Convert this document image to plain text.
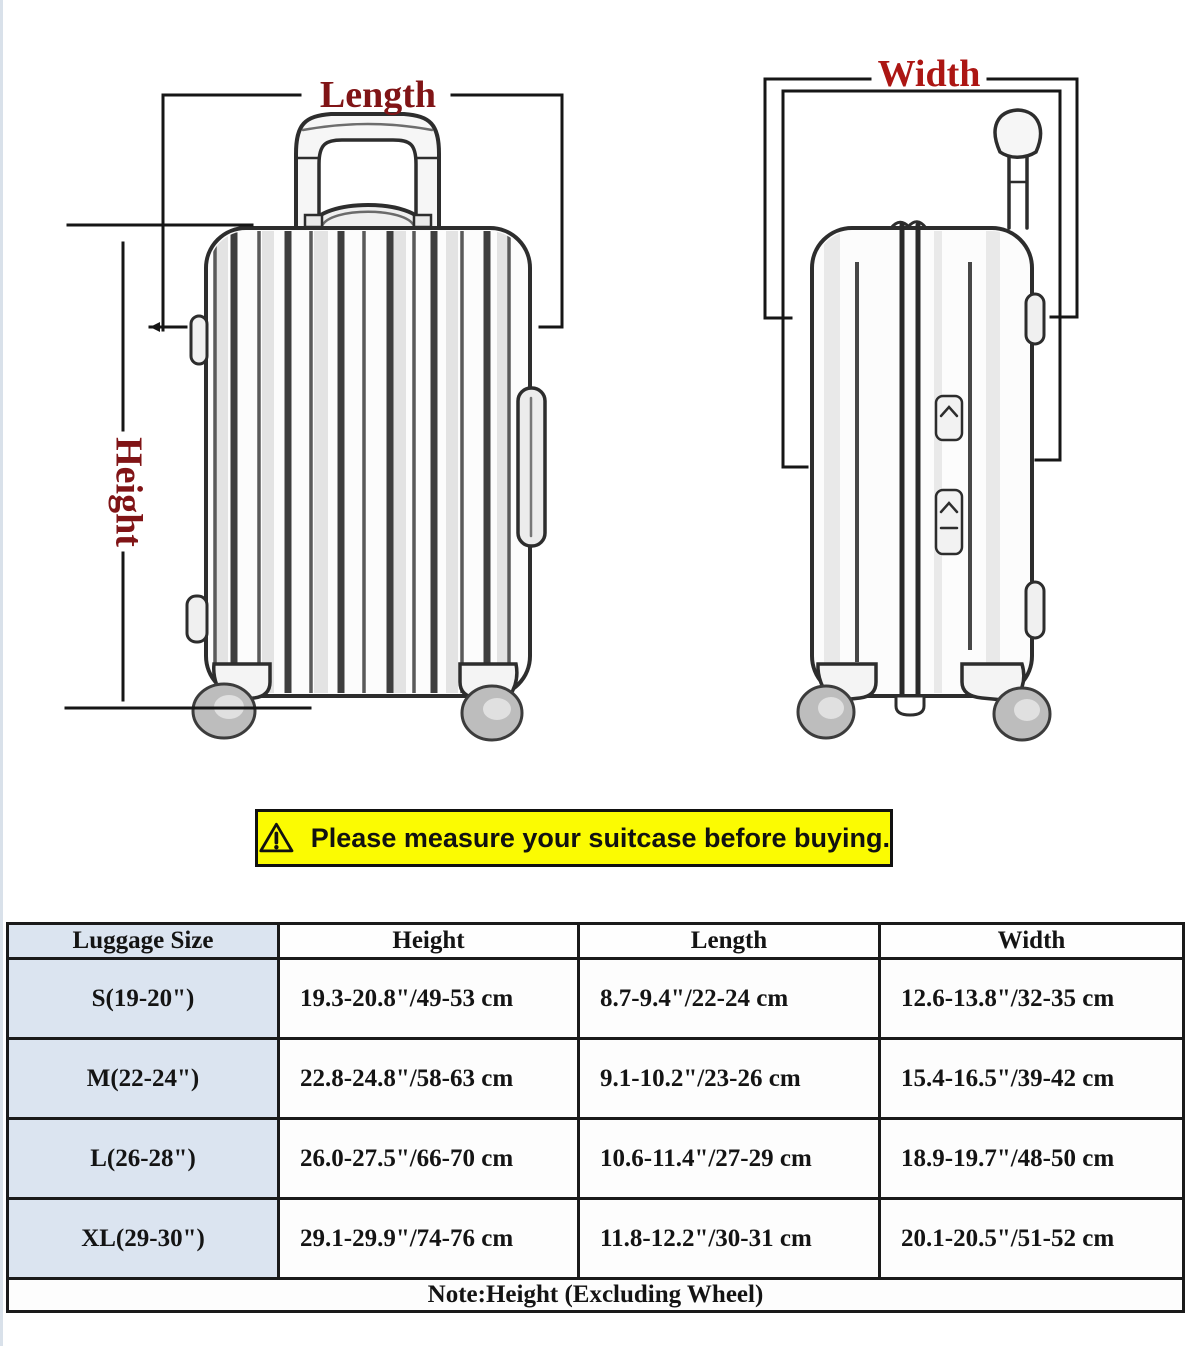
Length
Height
Width
Please measure your suitcase before buying.
Luggage Size	Height	Length	Width
S(19-20")	19.3-20.8"/49-53 cm	8.7-9.4"/22-24 cm	12.6-13.8"/32-35 cm
M(22-24")	22.8-24.8"/58-63 cm	9.1-10.2"/23-26 cm	15.4-16.5"/39-42 cm
L(26-28")	26.0-27.5"/66-70 cm	10.6-11.4"/27-29 cm	18.9-19.7"/48-50 cm
XL(29-30")	29.1-29.9"/74-76 cm	11.8-12.2"/30-31 cm	20.1-20.5"/51-52 cm
Note:Height (Excluding Wheel)			
